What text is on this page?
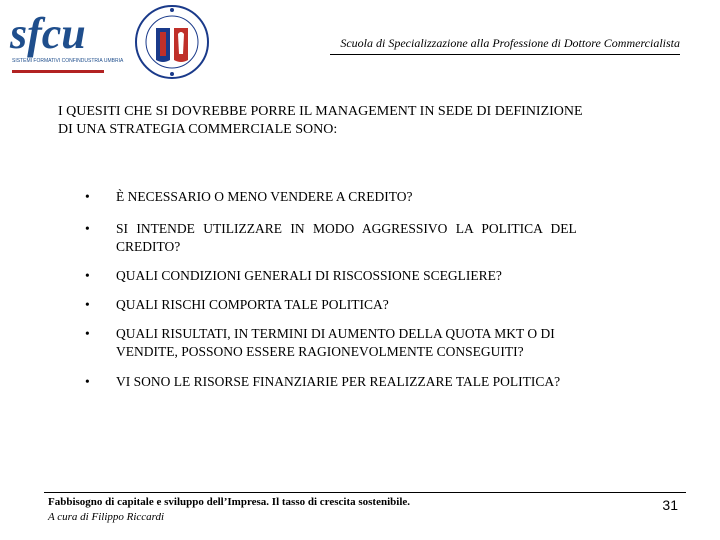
sfcu
SISTEMI FORMATIVI CONFINDUSTRIA UMBRIA
Scuola di Specializzazione alla Professione di Dottore Commercialista
I QUESITI CHE SI DOVREBBE PORRE IL MANAGEMENT IN SEDE DI DEFINIZIONE
DI UNA STRATEGIA COMMERCIALE SONO:
•	È NECESSARIO O MENO VENDERE A CREDITO?
•	SI INTENDE UTILIZZARE IN MODO AGGRESSIVO LA POLITICA DEL
CREDITO?
•	QUALI CONDIZIONI GENERALI DI RISCOSSIONE SCEGLIERE?
•	QUALI RISCHI COMPORTA TALE POLITICA?
•	QUALI RISULTATI, IN TERMINI DI AUMENTO DELLA QUOTA MKT O DI
VENDITE, POSSONO ESSERE RAGIONEVOLMENTE CONSEGUITI?
•	VI SONO LE RISORSE FINANZIARIE PER REALIZZARE TALE POLITICA?
Fabbisogno di capitale e sviluppo dell’Impresa. Il tasso di crescita sostenibile.
A cura di Filippo Riccardi
31
